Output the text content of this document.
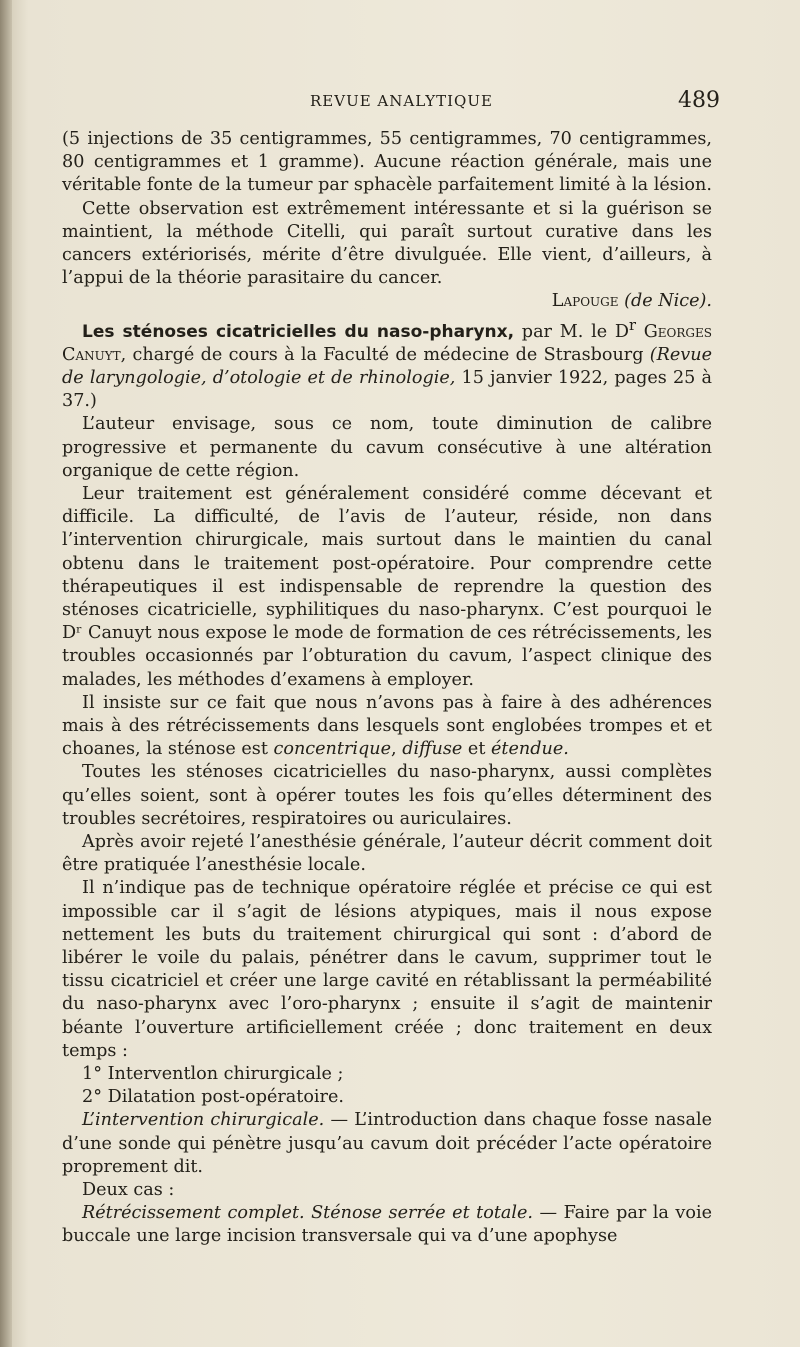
REVUE ANALYTIQUE	489

(5 injections de 35 centigrammes, 55 centigrammes, 70 centigrammes, 80 centigrammes et 1 gramme). Aucune réaction générale, mais une véritable fonte de la tumeur par sphacèle parfaitement limité à la lésion.

Cette observation est extrêmement intéressante et si la guérison se maintient, la méthode Citelli, qui paraît surtout curative dans les cancers extériorisés, mérite d’être divulguée. Elle vient, d’ailleurs, à l’appui de la théorie parasitaire du cancer.

Lapouge (de Nice).

Les sténoses cicatricielles du naso-pharynx, par M. le $D^r$ Georges Canuyt, chargé de cours à la Faculté de médecine de Strasbourg (Revue de laryngologie, d’otologie et de rhinologie, 15 janvier 1922, pages 25 à 37.)

L’auteur envisage, sous ce nom, toute diminution de calibre progressive et permanente du cavum consécutive à une altération organique de cette région.

Leur traitement est généralement considéré comme décevant et difficile. La difficulté, de l’avis de l’auteur, réside, non dans l’intervention chirurgicale, mais surtout dans le maintien du canal obtenu dans le traitement post-opératoire. Pour comprendre cette thérapeutiques il est indispensable de reprendre la question des sténoses cicatricielle, syphilitiques du naso-pharynx. C’est pourquoi le Dʳ Canuyt nous expose le mode de formation de ces rétrécissements, les troubles occasionnés par l’obturation du cavum, l’aspect clinique des malades, les méthodes d’examens à employer.

Il insiste sur ce fait que nous n’avons pas à faire à des adhérences mais à des rétrécissements dans lesquels sont englobées trompes et et choanes, la sténose est concentrique, diffuse et étendue.

Toutes les sténoses cicatricielles du naso-pharynx, aussi complètes qu’elles soient, sont à opérer toutes les fois qu’elles déterminent des troubles secrétoires, respiratoires ou auriculaires.

Après avoir rejeté l’anesthésie générale, l’auteur décrit comment doit être pratiquée l’anesthésie locale.

Il n’indique pas de technique opératoire réglée et précise ce qui est impossible car il s’agit de lésions atypiques, mais il nous expose nettement les buts du traitement chirurgical qui sont : d’abord de libérer le voile du palais, pénétrer dans le cavum, supprimer tout le tissu cicatriciel et créer une large cavité en rétablissant la perméabilité du naso-pharynx avec l’oro-pharynx ; ensuite il s’agit de maintenir béante l’ouverture artificiellement créée ; donc traitement en deux temps :

1° Interventlon chirurgicale ;

2° Dilatation post-opératoire.

L’intervention chirurgicale. — L’introduction dans chaque fosse nasale d’une sonde qui pénètre jusqu’au cavum doit précéder l’acte opératoire proprement dit.

Deux cas :

Rétrécissement complet. Sténose serrée et totale. — Faire par la voie buccale une large incision transversale qui va d’une apophyse
